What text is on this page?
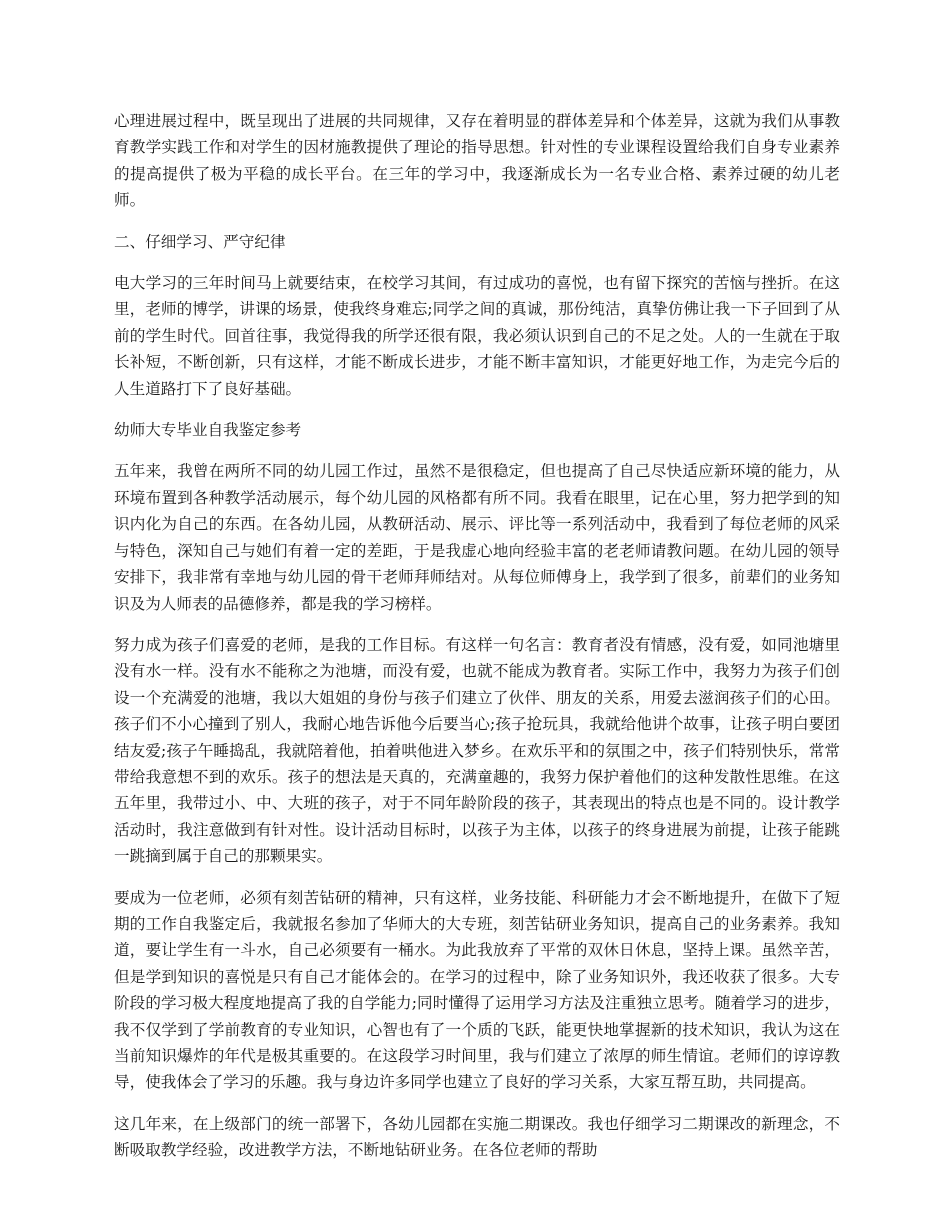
心理进展过程中，既呈现出了进展的共同规律，又存在着明显的群体差异和个体差异，这就为我们从事教育教学实践工作和对学生的因材施教提供了理论的指导思想。针对性的专业课程设置给我们自身专业素养的提高提供了极为平稳的成长平台。在三年的学习中，我逐渐成长为一名专业合格、素养过硬的幼儿老师。

二、仔细学习、严守纪律

电大学习的三年时间马上就要结束，在校学习其间，有过成功的喜悦，也有留下探究的苦恼与挫折。在这里，老师的博学，讲课的场景，使我终身难忘;同学之间的真诚，那份纯洁，真挚仿佛让我一下子回到了从前的学生时代。回首往事，我觉得我的所学还很有限，我必须认识到自己的不足之处。人的一生就在于取长补短，不断创新，只有这样，才能不断成长进步，才能不断丰富知识，才能更好地工作，为走完今后的人生道路打下了良好基础。

幼师大专毕业自我鉴定参考

五年来，我曾在两所不同的幼儿园工作过，虽然不是很稳定，但也提高了自己尽快适应新环境的能力，从环境布置到各种教学活动展示，每个幼儿园的风格都有所不同。我看在眼里，记在心里，努力把学到的知识内化为自己的东西。在各幼儿园，从教研活动、展示、评比等一系列活动中，我看到了每位老师的风采与特色，深知自己与她们有着一定的差距，于是我虚心地向经验丰富的老老师请教问题。在幼儿园的领导安排下，我非常有幸地与幼儿园的骨干老师拜师结对。从每位师傅身上，我学到了很多，前辈们的业务知识及为人师表的品德修养，都是我的学习榜样。

努力成为孩子们喜爱的老师，是我的工作目标。有这样一句名言：教育者没有情感，没有爱，如同池塘里没有水一样。没有水不能称之为池塘，而没有爱，也就不能成为教育者。实际工作中，我努力为孩子们创设一个充满爱的池塘，我以大姐姐的身份与孩子们建立了伙伴、朋友的关系，用爱去滋润孩子们的心田。孩子们不小心撞到了别人，我耐心地告诉他今后要当心;孩子抢玩具，我就给他讲个故事，让孩子明白要团结友爱;孩子午睡捣乱，我就陪着他，拍着哄他进入梦乡。在欢乐平和的氛围之中，孩子们特别快乐，常常带给我意想不到的欢乐。孩子的想法是天真的，充满童趣的，我努力保护着他们的这种发散性思维。在这五年里，我带过小、中、大班的孩子，对于不同年龄阶段的孩子，其表现出的特点也是不同的。设计教学活动时，我注意做到有针对性。设计活动目标时，以孩子为主体，以孩子的终身进展为前提，让孩子能跳一跳摘到属于自己的那颗果实。

要成为一位老师，必须有刻苦钻研的精神，只有这样，业务技能、科研能力才会不断地提升，在做下了短期的工作自我鉴定后，我就报名参加了华师大的大专班，刻苦钻研业务知识，提高自己的业务素养。我知道，要让学生有一斗水，自己必须要有一桶水。为此我放弃了平常的双休日休息，坚持上课。虽然辛苦，但是学到知识的喜悦是只有自己才能体会的。在学习的过程中，除了业务知识外，我还收获了很多。大专阶段的学习极大程度地提高了我的自学能力;同时懂得了运用学习方法及注重独立思考。随着学习的进步，我不仅学到了学前教育的专业知识，心智也有了一个质的飞跃，能更快地掌握新的技术知识，我认为这在当前知识爆炸的年代是极其重要的。在这段学习时间里，我与们建立了浓厚的师生情谊。老师们的谆谆教导，使我体会了学习的乐趣。我与身边许多同学也建立了良好的学习关系，大家互帮互助，共同提高。

这几年来，在上级部门的统一部署下，各幼儿园都在实施二期课改。我也仔细学习二期课改的新理念，不断吸取教学经验，改进教学方法，不断地钻研业务。在各位老师的帮助
